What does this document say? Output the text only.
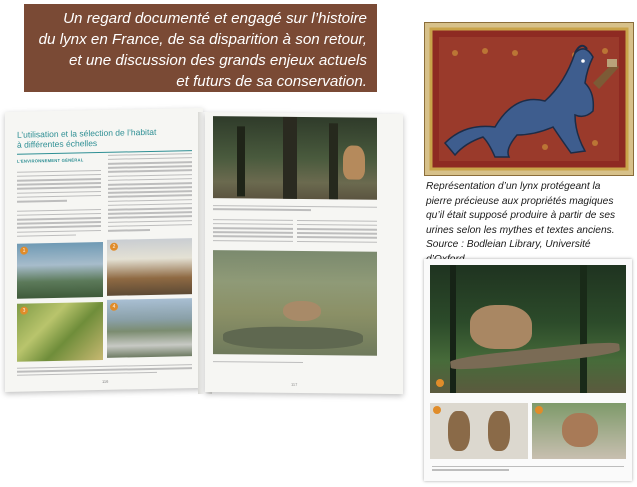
Un regard documenté et engagé sur l’histoire
du lynx en France, de sa disparition à son retour,
et une discussion des grands enjeux actuels
et futurs de sa conservation.
L’utilisation et la sélection de l’habitat
à différentes échelles
L’ENVIRONNEMENT GÉNÉRAL
1
2
3
4
116
117
Représentation d’un lynx protégeant la
pierre précieuse aux propriétés magiques
qu’il était supposé produire à partir de ses
urines selon les mythes et textes anciens.
Source : Bodleian Library, Université
